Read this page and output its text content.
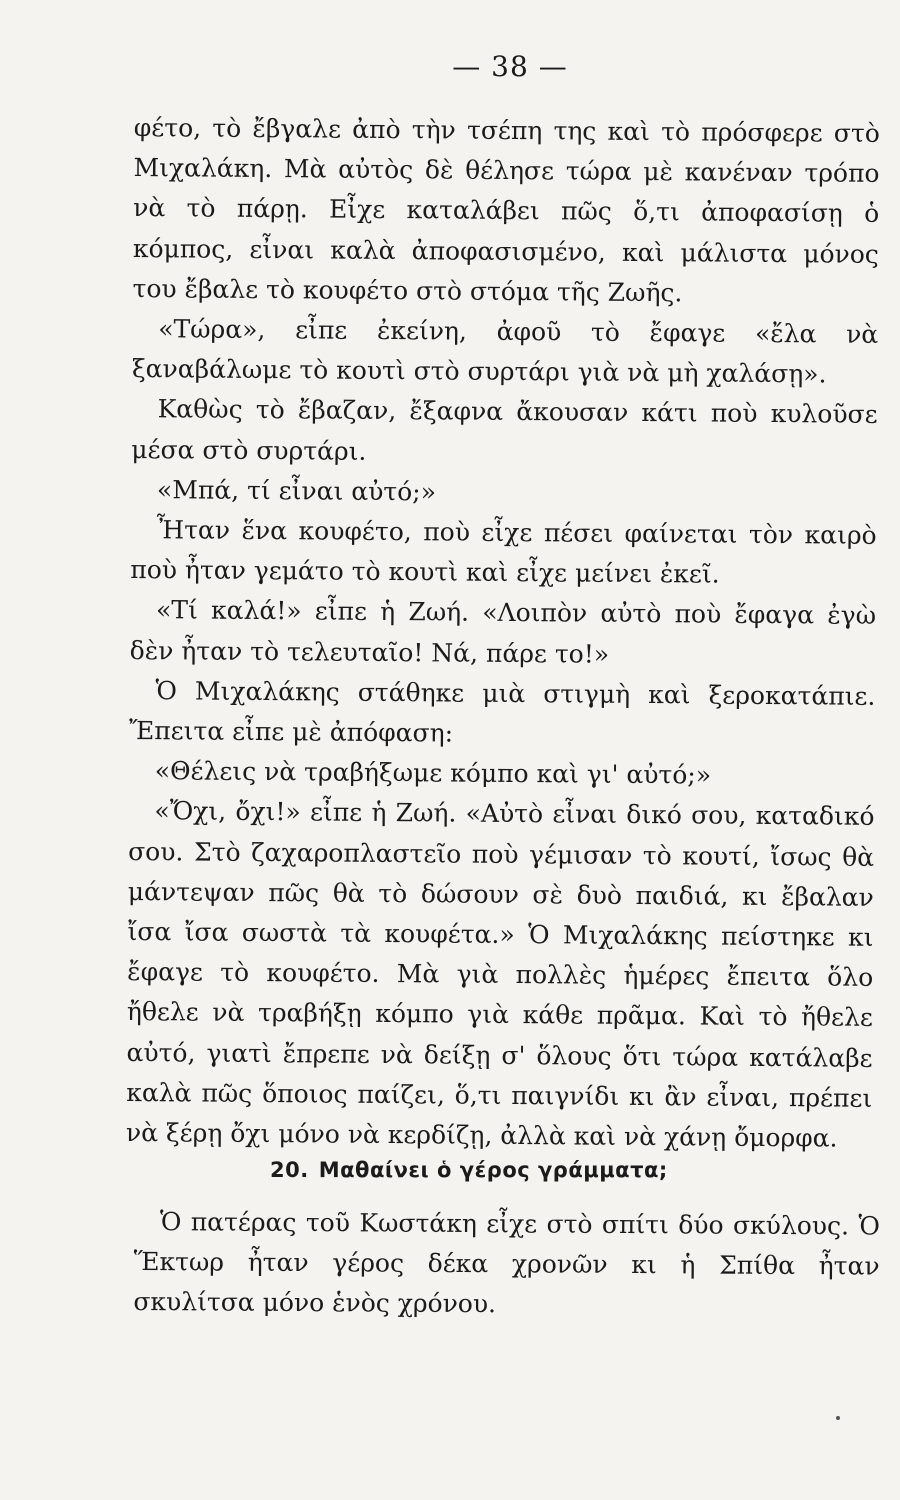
— 38 —

φέτο, τὸ ἔβγαλε ἀπὸ τὴν τσέπη της καὶ τὸ πρόσφερε στὸ Μιχαλάκη. Μὰ αὐτὸς δὲ θέλησε τώρα μὲ κανέναν τρόπο νὰ τὸ πάρῃ. Εἶχε καταλάβει πῶς ὅ,τι ἀποφασίσῃ ὁ κόμπος, εἶναι καλὰ ἀποφασισμένο, καὶ μάλιστα μόνος του ἔβαλε τὸ κουφέτο στὸ στόμα τῆς Ζωῆς.

«Τώρα», εἶπε ἐκείνη, ἀφοῦ τὸ ἔφαγε «ἔλα νὰ ξαναβάλωμε τὸ κουτὶ στὸ συρτάρι γιὰ νὰ μὴ χαλάσῃ».

Καθὼς τὸ ἔβαζαν, ἔξαφνα ἄκουσαν κάτι ποὺ κυλοῦσε μέσα στὸ συρτάρι.

«Μπά, τί εἶναι αὐτό;»

Ἦταν ἕνα κουφέτο, ποὺ εἶχε πέσει φαίνεται τὸν καιρὸ ποὺ ἦταν γεμάτο τὸ κουτὶ καὶ εἶχε μείνει ἐκεῖ.

«Τί καλά!» εἶπε ἡ Ζωή. «Λοιπὸν αὐτὸ ποὺ ἔφαγα ἐγὼ δὲν ἦταν τὸ τελευταῖο! Νά, πάρε το!»

Ὁ Μιχαλάκης στάθηκε μιὰ στιγμὴ καὶ ξεροκατάπιε. Ἔπειτα εἶπε μὲ ἀπόφαση:

«Θέλεις νὰ τραβήξωμε κόμπο καὶ γι' αὐτό;»

«Ὄχι, ὄχι!» εἶπε ἡ Ζωή. «Αὐτὸ εἶναι δικό σου, καταδικό σου. Στὸ ζαχαροπλαστεῖο ποὺ γέμισαν τὸ κουτί, ἴσως θὰ μάντεψαν πῶς θὰ τὸ δώσουν σὲ δυὸ παιδιά, κι ἔβαλαν ἴσα ἴσα σωστὰ τὰ κουφέτα.» Ὁ Μιχαλάκης πείστηκε κι ἔφαγε τὸ κουφέτο. Μὰ γιὰ πολλὲς ἡμέρες ἔπειτα ὅλο ἤθελε νὰ τραβήξῃ κόμπο γιὰ κάθε πρᾶμα. Καὶ τὸ ἤθελε αὐτό, γιατὶ ἔπρεπε νὰ δείξῃ σ' ὅλους ὅτι τώρα κατάλαβε καλὰ πῶς ὅποιος παίζει, ὅ,τι παιγνίδι κι ἂν εἶναι, πρέπει νὰ ξέρῃ ὄχι μόνο νὰ κερδίζῃ, ἀλλὰ καὶ νὰ χάνῃ ὄμορφα.

20. Μαθαίνει ὁ γέρος γράμματα;

Ὁ πατέρας τοῦ Κωστάκη εἶχε στὸ σπίτι δύο σκύλους. Ὁ Ἕκτωρ ἦταν γέρος δέκα χρονῶν κι ἡ Σπίθα ἦταν σκυλίτσα μόνο ἑνὸς χρόνου.
